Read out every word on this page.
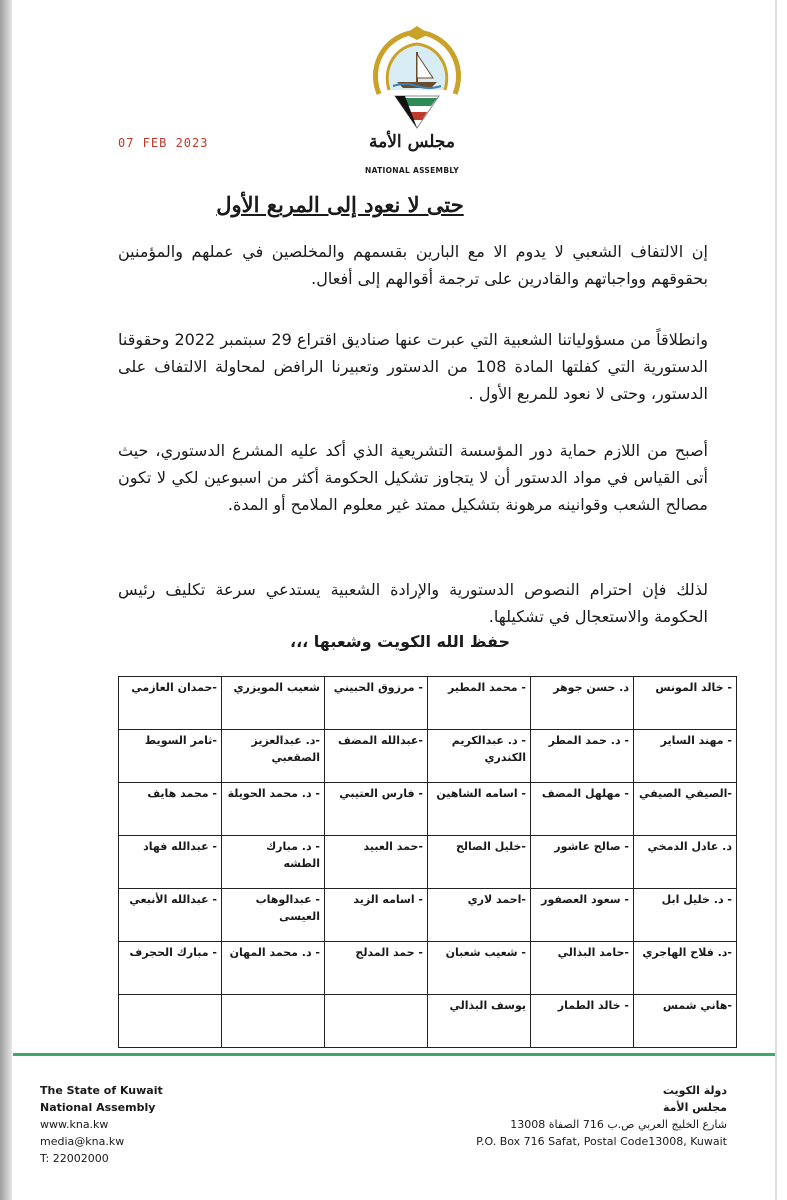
مجلس الأمة
NATIONAL ASSEMBLY
07 FEB 2023
حتى لا نعود إلى المربع الأول
إن الالتفاف الشعبي لا يدوم الا مع البارين بقسمهم والمخلصين في عملهم والمؤمنين بحقوقهم وواجباتهم والقادرين على ترجمة أقوالهم إلى أفعال.
وانطلاقاً من مسؤولياتنا الشعبية التي عبرت عنها صناديق اقتراع 29 سبتمبر 2022 وحقوقنا الدستورية التي كفلتها المادة 108 من الدستور وتعبيرنا الرافض لمحاولة الالتفاف على الدستور، وحتى لا نعود للمربع الأول .
أصبح من اللازم حماية دور المؤسسة التشريعية الذي أكد عليه المشرع الدستوري، حيث أتى القياس في مواد الدستور أن لا يتجاوز تشكيل الحكومة أكثر من اسبوعين لكي لا تكون مصالح الشعب وقوانينه مرهونة بتشكيل ممتد غير معلوم الملامح أو المدة.
لذلك فإن احترام النصوص الدستورية والإرادة الشعبية يستدعي سرعة تكليف رئيس الحكومة والاستعجال في تشكيلها.
حفظ الله الكويت وشعبها ،،،
- خالد المونس	د. حسن جوهر	- محمد المطير	- مرزوق الحبيني	شعيب المويزري	-حمدان العازمي
- مهند الساير	- د. حمد المطر	- د. عبدالكريم الكندري	-عبدالله المضف	-د. عبدالعزيز الصقعبي	-ثامر السويط
-الصيفي الصيفي	- مهلهل المضف	- اسامه الشاهين	- فارس العتيبي	- د. محمد الحويلة	- محمد هايف
د. عادل الدمخي	- صالح عاشور	-خليل الصالح	-حمد العبيد	- د. مبارك الطشه	- عبدالله فهاد
- د. خليل ابل	- سعود العصفور	-احمد لاري	- اسامه الزيد	- عبدالوهاب العيسى	- عبدالله الأنبعي
-د. فلاح الهاجري	-حامد البذالي	- شعيب شعبان	- حمد المدلج	- د. محمد المهان	- مبارك الحجرف
-هاني شمس	- خالد الطمار	يوسف البذالي			
The State of Kuwait
National Assembly
www.kna.kw
media@kna.kw
T: 22002000
دولة الكويت
مجلس الأمة
شارع الخليج العربي ص.ب 716 الصفاة 13008
P.O. Box 716 Safat, Postal Code13008, Kuwait
